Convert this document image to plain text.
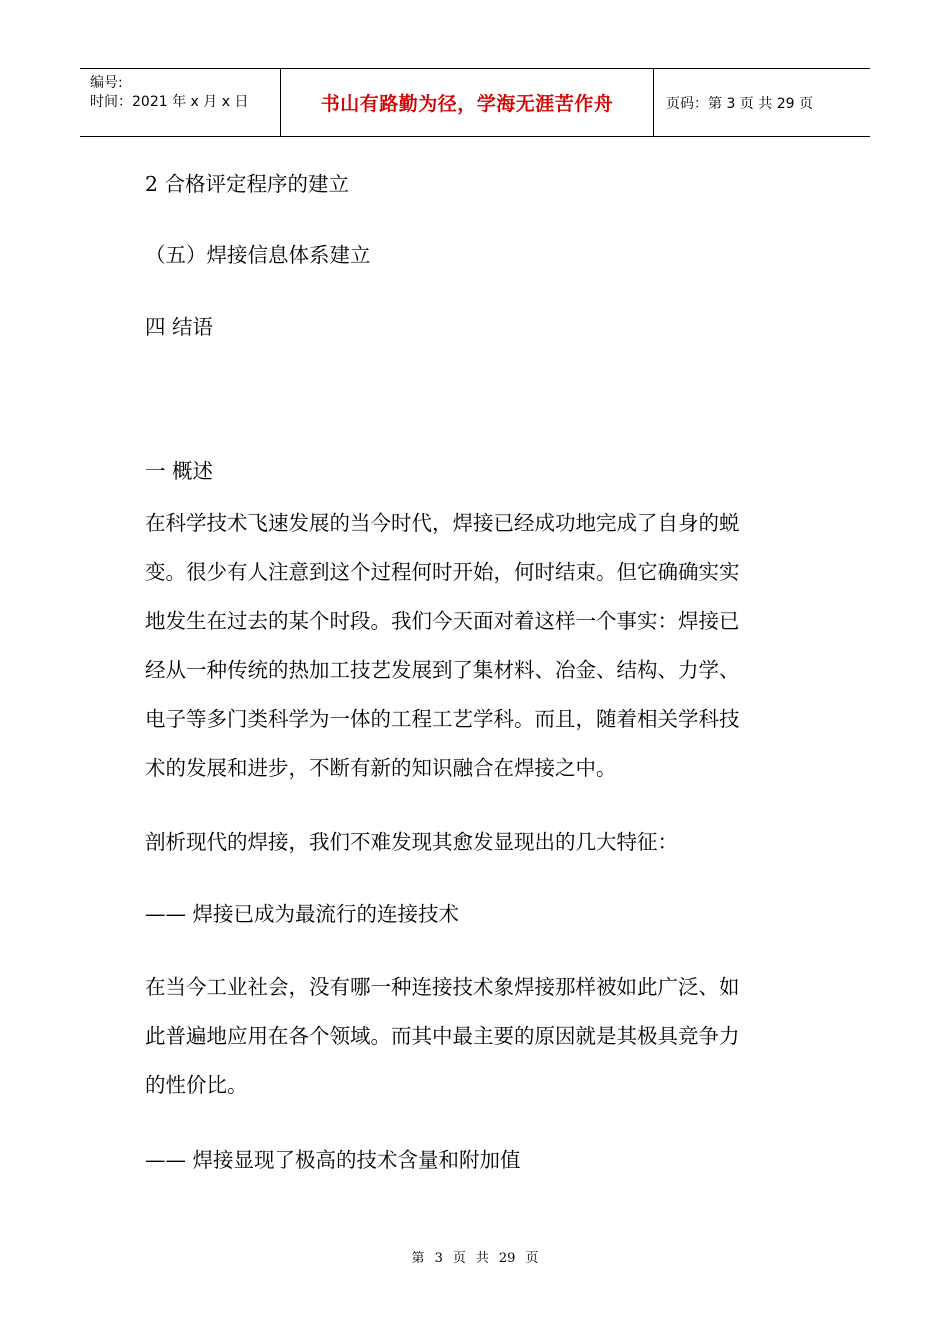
编号:
时间：2021 年 x 月 x 日	书山有路勤为径，学海无涯苦作舟	页码：第 3 页 共 29 页
2 合格评定程序的建立
（五）焊接信息体系建立
四 结语
一 概述

在科学技术飞速发展的当今时代，焊接已经成功地完成了自身的蜕

变。很少有人注意到这个过程何时开始，何时结束。但它确确实实

地发生在过去的某个时段。我们今天面对着这样一个事实：焊接已

经从一种传统的热加工技艺发展到了集材料、冶金、结构、力学、

电子等多门类科学为一体的工程工艺学科。而且，随着相关学科技

术的发展和进步，不断有新的知识融合在焊接之中。

剖析现代的焊接，我们不难发现其愈发显现出的几大特征：
—— 焊接已成为最流行的连接技术

在当今工业社会，没有哪一种连接技术象焊接那样被如此广泛、如

此普遍地应用在各个领域。而其中最主要的原因就是其极具竞争力

的性价比。

—— 焊接显现了极高的技术含量和附加值
第 3 页 共 29 页
